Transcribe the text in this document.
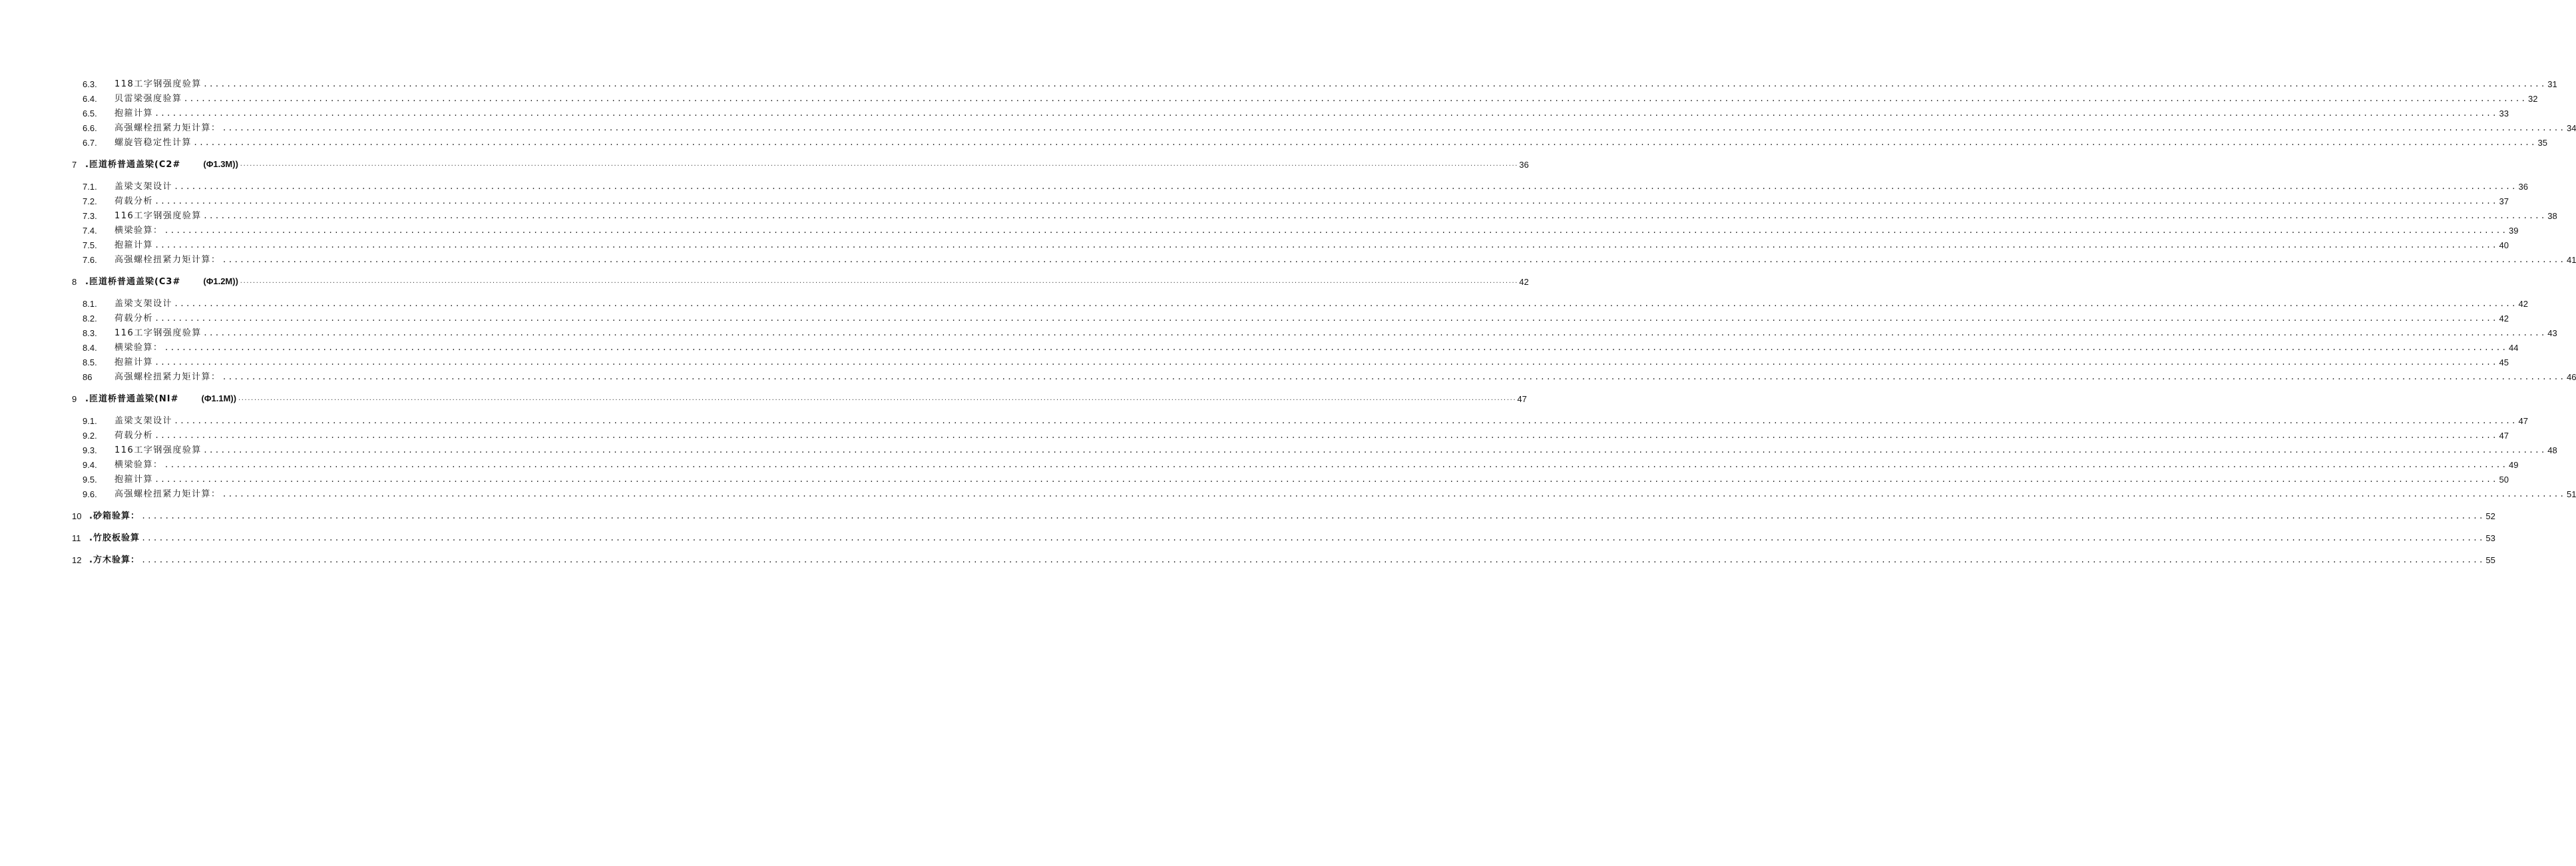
6.3.	118工字钢强度验算 ................................................................................................................................................................................................................................................................................................................................................................................................................ 31
6.4.	贝雷梁强度验算 ................................................................................................................................................................................................................................................................................................................................................................................................................ 32
6.5.	抱箍计算 ................................................................................................................................................................................................................................................................................................................................................................................................................ 33
6.6.	高强螺栓扭紧力矩计算： ................................................................................................................................................................................................................................................................................................................................................................................................................ 34
6.7.	螺旋管稳定性计算 ................................................................................................................................................................................................................................................................................................................................................................................................................ 35
7 .匝道桥普通盖梁(C2#	(Φ1.3M)) ................................................................................................................................................................................................................................................................................................................................................................................................................ 36
7.1.	盖梁支架设计 ................................................................................................................................................................................................................................................................................................................................................................................................................ 36
7.2.	荷载分析 ................................................................................................................................................................................................................................................................................................................................................................................................................ 37
7.3.	116工字钢强度验算 ................................................................................................................................................................................................................................................................................................................................................................................................................ 38
7.4.	横梁验算： ................................................................................................................................................................................................................................................................................................................................................................................................................ 39
7.5.	抱箍计算 ................................................................................................................................................................................................................................................................................................................................................................................................................ 40
7.6.	高强螺栓扭紧力矩计算： ................................................................................................................................................................................................................................................................................................................................................................................................................ 41
8 .匝道桥普通盖梁(C3#	(Φ1.2M)) ................................................................................................................................................................................................................................................................................................................................................................................................................ 42
8.1.	盖梁支架设计 ................................................................................................................................................................................................................................................................................................................................................................................................................ 42
8.2.	荷载分析 ................................................................................................................................................................................................................................................................................................................................................................................................................ 42
8.3.	116工字钢强度验算 ................................................................................................................................................................................................................................................................................................................................................................................................................ 43
8.4.	横梁验算： ................................................................................................................................................................................................................................................................................................................................................................................................................ 44
8.5.	抱箍计算 ................................................................................................................................................................................................................................................................................................................................................................................................................ 45
86	高强螺栓扭紧力矩计算： ................................................................................................................................................................................................................................................................................................................................................................................................................ 46
9 .匝道桥普通盖梁(NI#	(Φ1.1M)) ................................................................................................................................................................................................................................................................................................................................................................................................................ 47
9.1.	盖梁支架设计 ................................................................................................................................................................................................................................................................................................................................................................................................................ 47
9.2.	荷载分析 ................................................................................................................................................................................................................................................................................................................................................................................................................ 47
9.3.	116工字钢强度验算 ................................................................................................................................................................................................................................................................................................................................................................................................................ 48
9.4.	横梁验算： ................................................................................................................................................................................................................................................................................................................................................................................................................ 49
9.5.	抱箍计算 ................................................................................................................................................................................................................................................................................................................................................................................................................ 50
9.6.	高强螺栓扭紧力矩计算： ................................................................................................................................................................................................................................................................................................................................................................................................................ 51
10 .砂箱验算： ................................................................................................................................................................................................................................................................................................................................................................................................................ 52
11 .竹胶板验算 ................................................................................................................................................................................................................................................................................................................................................................................................................ 53
12 .方木验算： ................................................................................................................................................................................................................................................................................................................................................................................................................ 55
